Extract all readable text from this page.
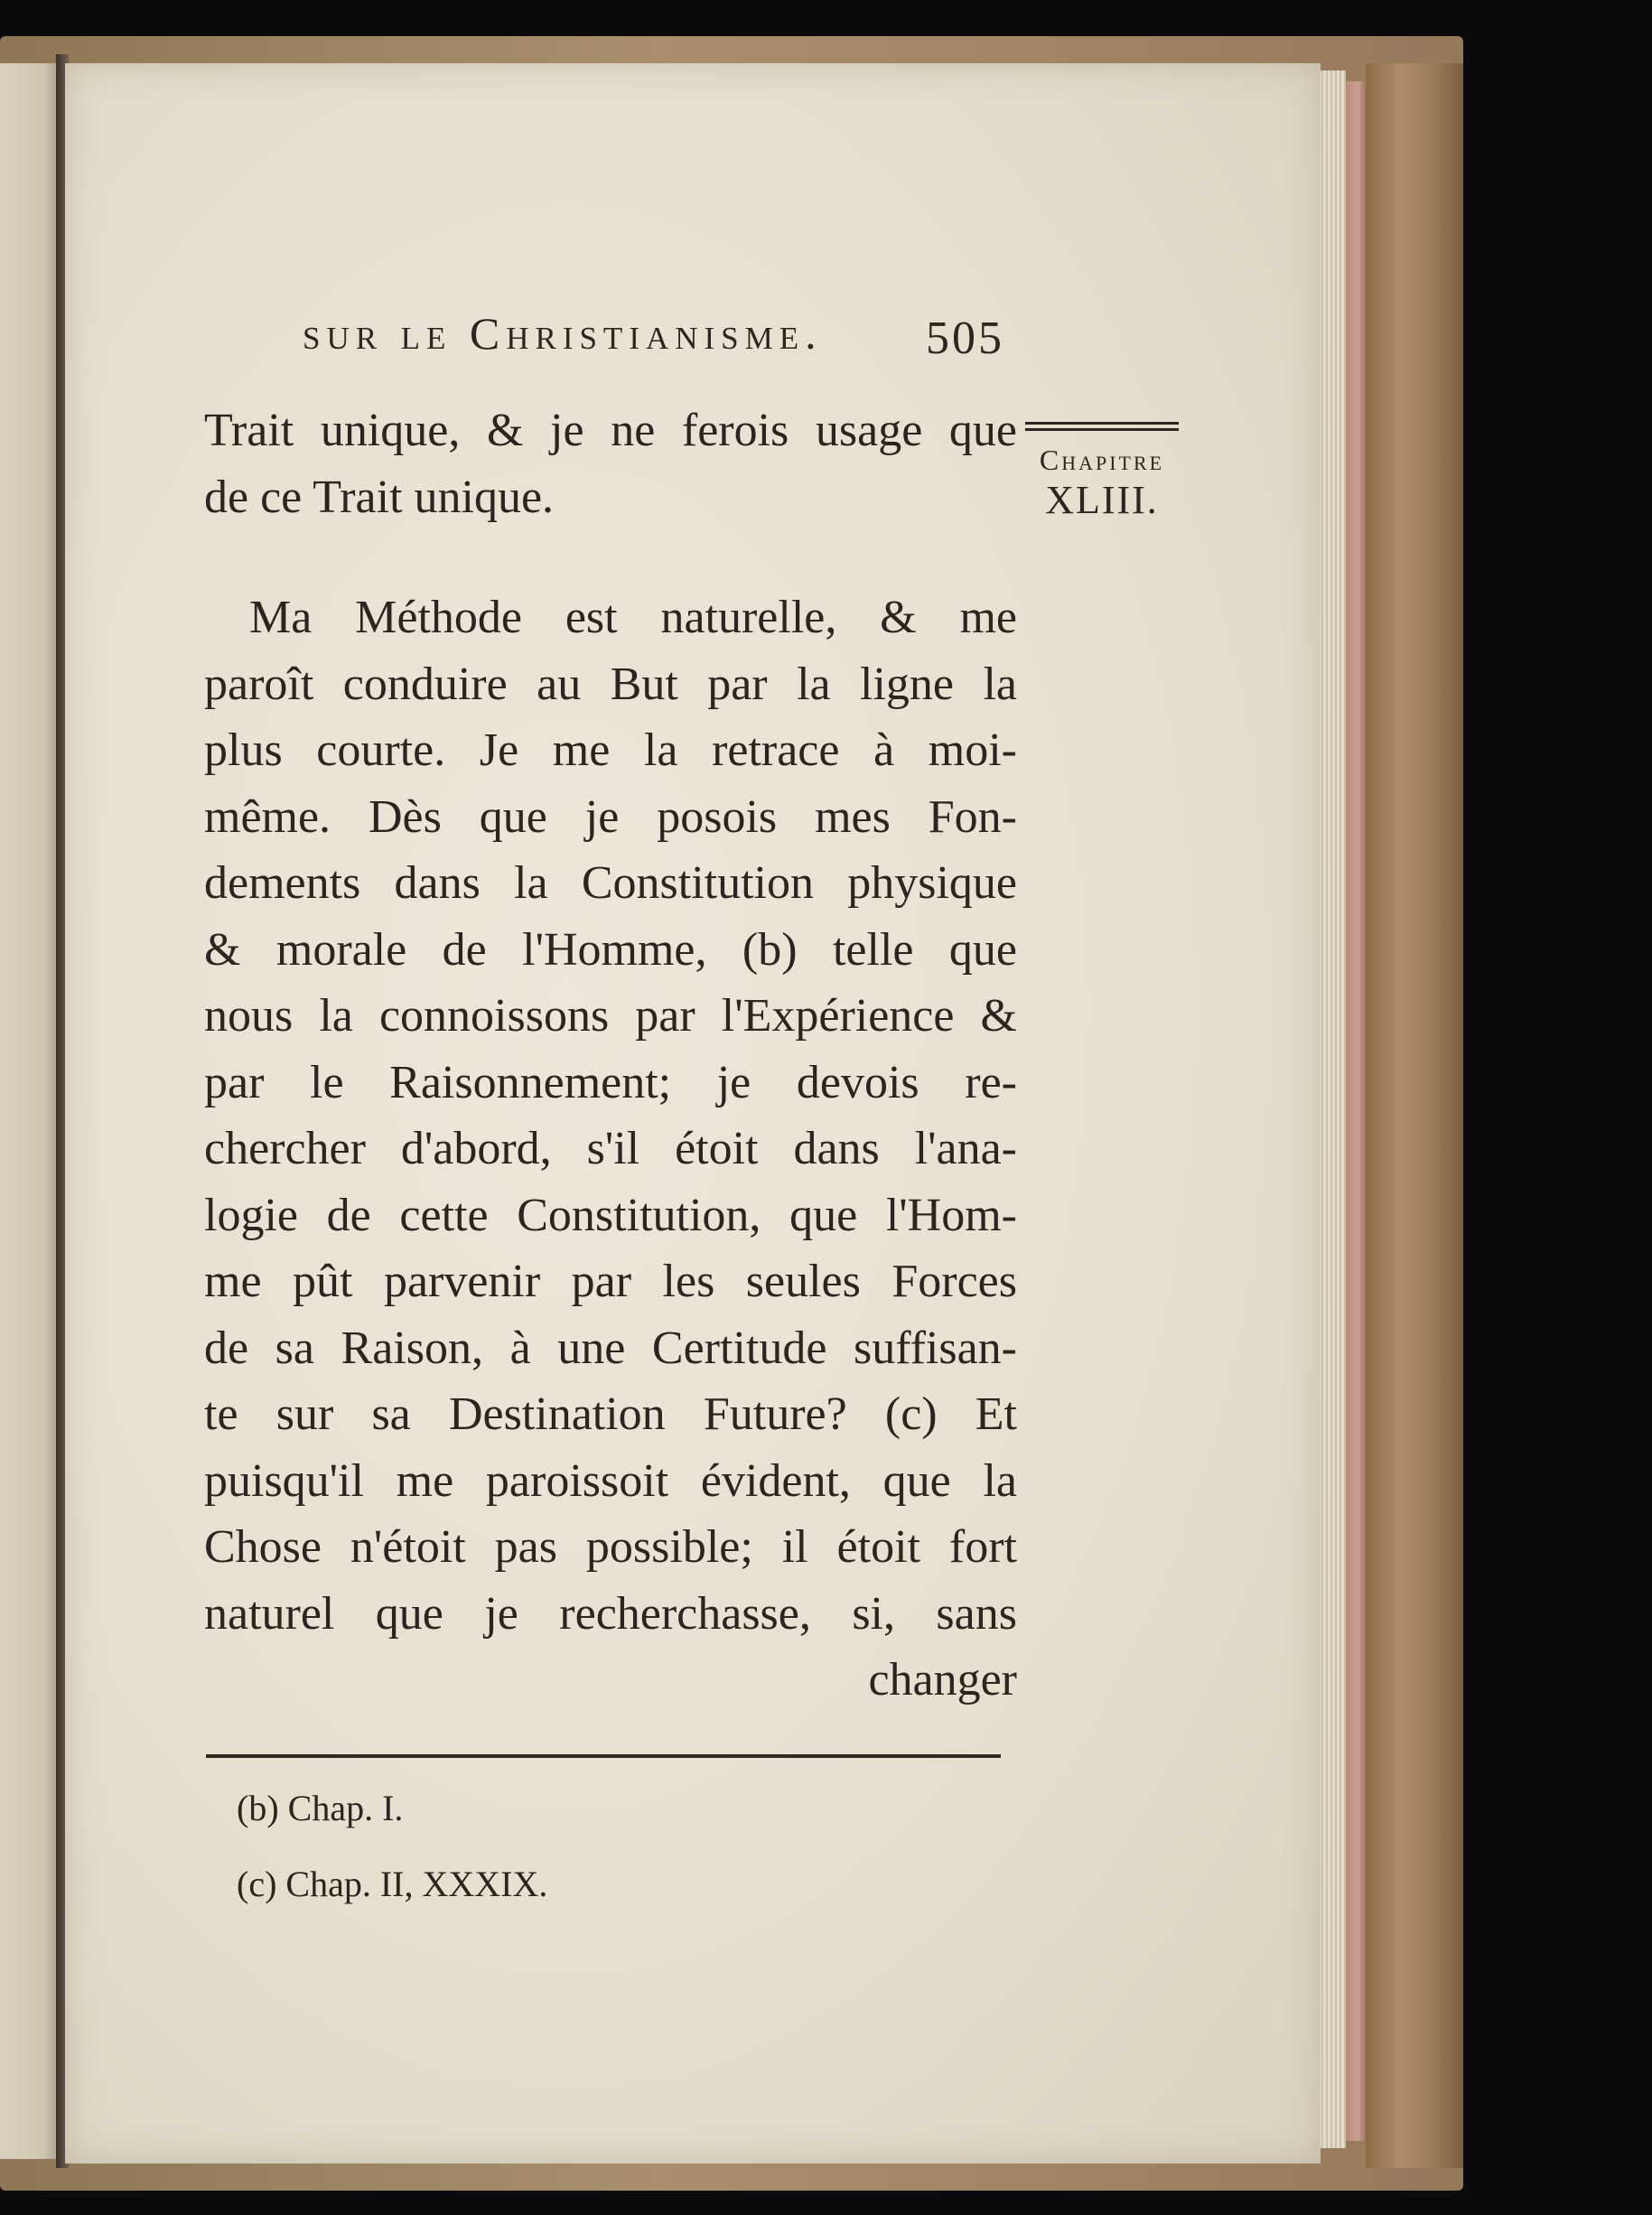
sur le Christianisme.	505
Chapitre
XLIII.
Trait unique, & je ne ferois usage que
de ce Trait unique.
Ma Méthode est naturelle, & me
paroît conduire au But par la ligne la
plus courte. Je me la retrace à moi-
même. Dès que je posois mes Fon-
dements dans la Constitution physique
& morale de l'Homme, (b) telle que
nous la connoissons par l'Expérience &
par le Raisonnement; je devois re-
chercher d'abord, s'il étoit dans l'ana-
logie de cette Constitution, que l'Hom-
me pût parvenir par les seules Forces
de sa Raison, à une Certitude suffisan-
te sur sa Destination Future? (c) Et
puisqu'il me paroissoit évident, que la
Chose n'étoit pas possible; il étoit fort
naturel que je recherchasse, si, sans
changer
(b) Chap. I.
(c) Chap. II, XXXIX.
